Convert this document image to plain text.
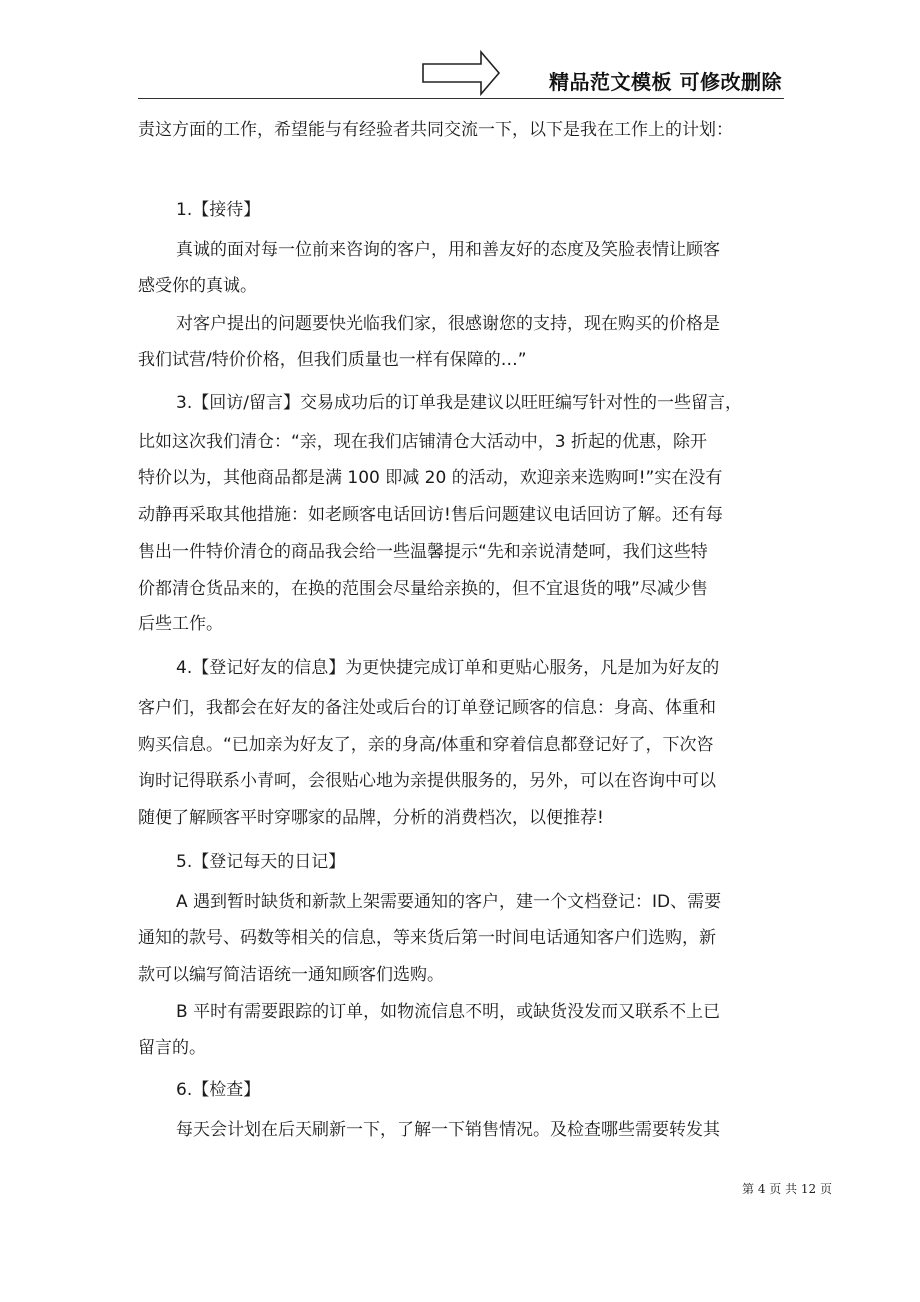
精品范文模板 可修改删除
责这方面的工作，希望能与有经验者共同交流一下，以下是我在工作上的计划：
1.【接待】
真诚的面对每一位前来咨询的客户，用和善友好的态度及笑脸表情让顾客
感受你的真诚。
对客户提出的问题要快光临我们家，很感谢您的支持，现在购买的价格是
我们试营/特价价格，但我们质量也一样有保障的…”
3.【回访/留言】交易成功后的订单我是建议以旺旺编写针对性的一些留言，
比如这次我们清仓：“亲，现在我们店铺清仓大活动中，3 折起的优惠，除开
特价以为，其他商品都是满 100 即减 20 的活动，欢迎亲来选购呵!”实在没有
动静再采取其他措施：如老顾客电话回访!售后问题建议电话回访了解。还有每
售出一件特价清仓的商品我会给一些温馨提示“先和亲说清楚呵，我们这些特
价都清仓货品来的，在换的范围会尽量给亲换的，但不宜退货的哦”尽减少售
后些工作。
4.【登记好友的信息】为更快捷完成订单和更贴心服务，凡是加为好友的
客户们，我都会在好友的备注处或后台的订单登记顾客的信息：身高、体重和
购买信息。“已加亲为好友了，亲的身高/体重和穿着信息都登记好了，下次咨
询时记得联系小青呵，会很贴心地为亲提供服务的，另外，可以在咨询中可以
随便了解顾客平时穿哪家的品牌，分析的消费档次，以便推荐!
5.【登记每天的日记】
A 遇到暂时缺货和新款上架需要通知的客户，建一个文档登记：ID、需要
通知的款号、码数等相关的信息，等来货后第一时间电话通知客户们选购，新
款可以编写简洁语统一通知顾客们选购。
B 平时有需要跟踪的订单，如物流信息不明，或缺货没发而又联系不上已
留言的。
6.【检查】
每天会计划在后天刷新一下，了解一下销售情况。及检查哪些需要转发其
第 4 页 共 12 页
